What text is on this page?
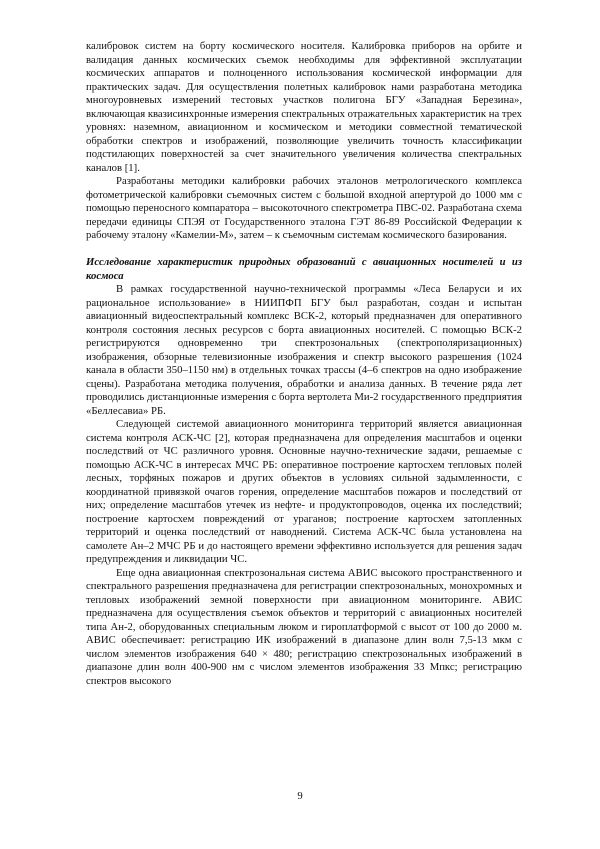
калибровок систем на борту космического носителя. Калибровка приборов на орбите и валидация данных космических съемок необходимы для эффективной эксплуатации космических аппаратов и полноценного использования космической информации для практических задач. Для осуществления полетных калибровок нами разработана методика многоуровневых измерений тестовых участков полигона БГУ «Западная Березина», включающая квазисинхронные измерения спектральных отражательных характеристик на трех уровнях: наземном, авиационном и космическом и методики совместной тематической обработки спектров и изображений, позволяющие увеличить точность классификации подстилающих поверхностей за счет значительного увеличения количества спектральных каналов [1].

Разработаны методики калибровки рабочих эталонов метрологического комплекса фотометрической калибровки съемочных систем с большой входной апертурой до 1000 мм с помощью переносного компаратора – высокоточного спектрометра ПВС-02. Разработана схема передачи единицы СПЭЯ от Государственного эталона ГЭТ 86-89 Российской Федерации к рабочему эталону «Камелии-М», затем – к съемочным системам космического базирования.

Исследование характеристик природных образований с авиационных носителей и из космоса

В рамках государственной научно-технической программы «Леса Беларуси и их рациональное использование» в НИИПФП БГУ был разработан, создан и испытан авиационный видеоспектральный комплекс ВСК-2, который предназначен для оперативного контроля состояния лесных ресурсов с борта авиационных носителей. С помощью ВСК-2 регистрируются одновременно три спектрозональных (спектрополяризационных) изображения, обзорные телевизионные изображения и спектр высокого разрешения (1024 канала в области 350–1150 нм) в отдельных точках трассы (4–6 спектров на одно изображение сцены). Разработана методика получения, обработки и анализа данных. В течение ряда лет проводились дистанционные измерения с борта вертолета Ми-2 государственного предприятия «Беллесавиа» РБ.

Следующей системой авиационного мониторинга территорий является авиационная система контроля АСК-ЧС [2], которая предназначена для определения масштабов и оценки последствий от ЧС различного уровня. Основные научно-технические задачи, решаемые с помощью АСК-ЧС в интересах МЧС РБ: оперативное построение картосхем тепловых полей лесных, торфяных пожаров и других объектов в условиях сильной задымленности, с координатной привязкой очагов горения, определение масштабов пожаров и последствий от них; определение масштабов утечек из нефте- и продуктопроводов, оценка их последствий; построение картосхем повреждений от ураганов; построение картосхем затопленных территорий и оценка последствий от наводнений. Система АСК-ЧС была установлена на самолете Ан–2 МЧС РБ и до настоящего времени эффективно используется для решения задач предупреждения и ликвидации ЧС.

Еще одна авиационная спектрозональная система АВИС высокого пространственного и спектрального разрешения предназначена для регистрации спектрозональных, монохромных и тепловых изображений земной поверхности при авиационном мониторинге. АВИС предназначена для осуществления съемок объектов и территорий с авиационных носителей типа Ан-2, оборудованных специальным люком и гироплатформой с высот от 100 до 2000 м. АВИС обеспечивает: регистрацию ИК изображений в диапазоне длин волн 7,5-13 мкм с числом элементов изображения 640 × 480; регистрацию спектрозональных изображений в диапазоне длин волн 400-900 нм с числом элементов изображения 33 Мпкс; регистрацию спектров высокого

9
